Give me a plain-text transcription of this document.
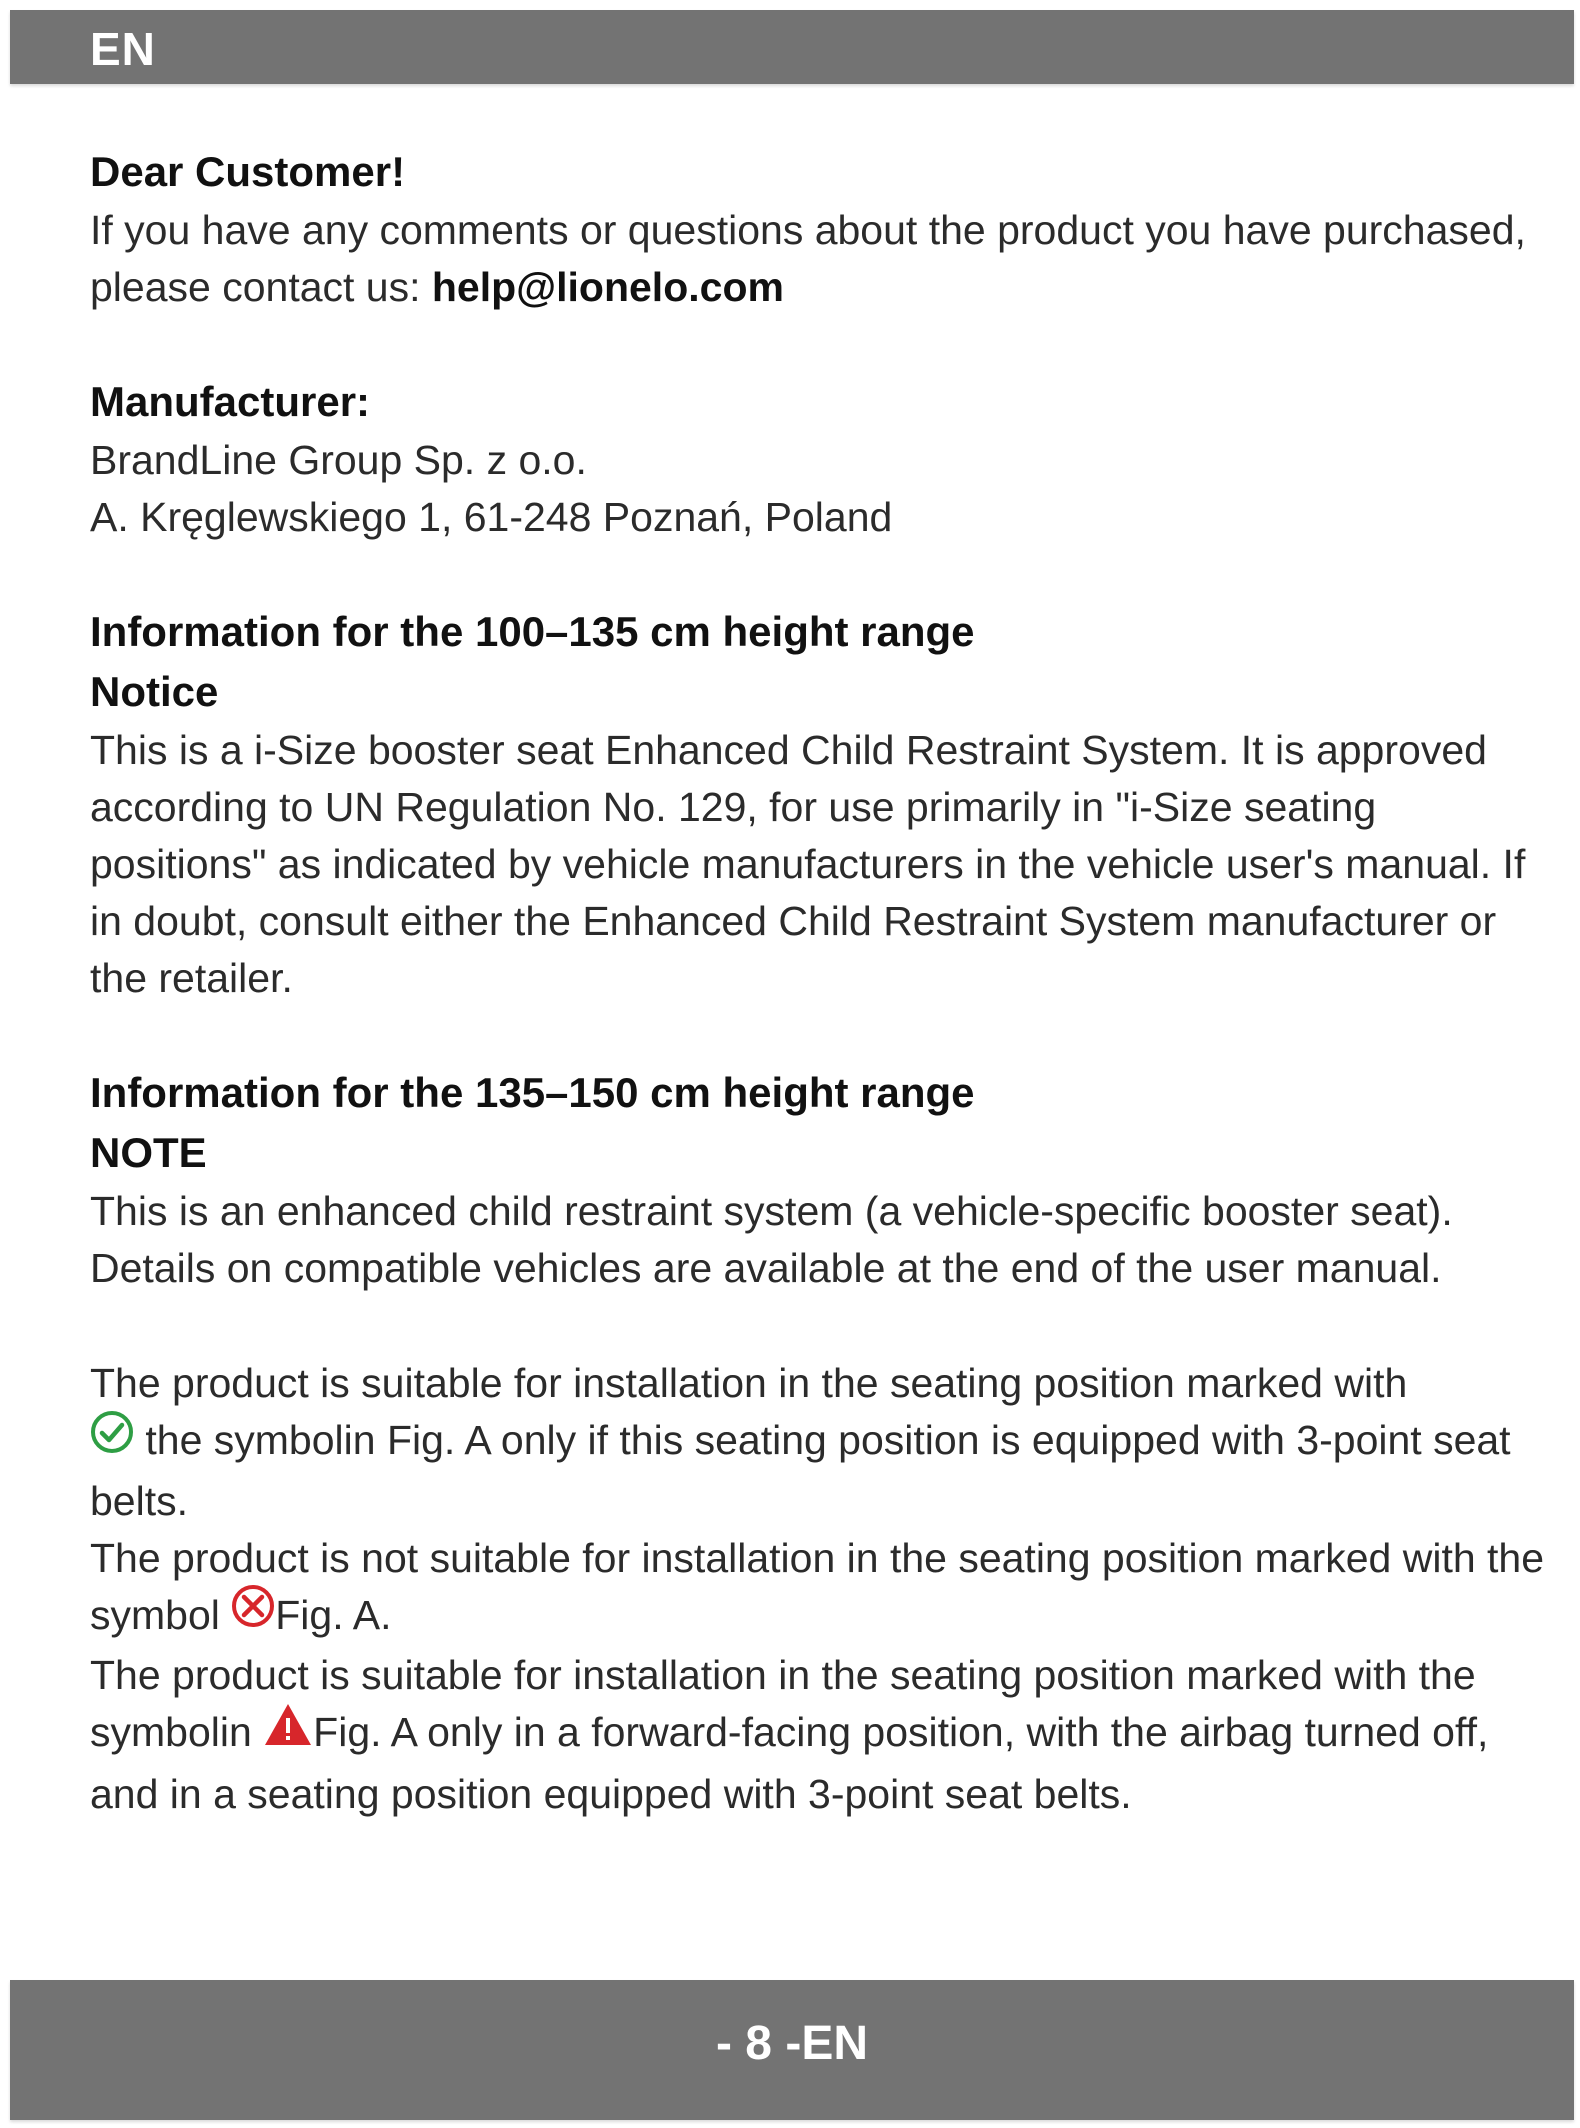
EN

Dear Customer!

If you have any comments or questions about the product you have purchased, please contact us: help@lionelo.com

Manufacturer:

BrandLine Group Sp. z o.o.

A. Kręglewskiego 1, 61-248 Poznań, Poland

Information for the 100–135 cm height range

Notice

This is a i-Size booster seat Enhanced Child Restraint System. It is approved according to UN Regulation No. 129, for use primarily in "i-Size seating positions" as indicated by vehicle manufacturers in the vehicle user's manual. If in doubt, consult either the Enhanced Child Restraint System manufacturer or the retailer.

Information for the 135–150 cm height range

NOTE

This is an enhanced child restraint system (a vehicle-specific booster seat). Details on compatible vehicles are available at the end of the user manual.

The product is suitable for installation in the seating position marked with
the symbolin Fig. A only if this seating position is equipped with 3-point seat belts.

The product is not suitable for installation in the seating position marked with the symbol Fig. A.

The product is suitable for installation in the seating position marked with the symbolin Fig. A only in a forward-facing position, with the airbag turned off, and in a seating position equipped with 3-point seat belts.

- 8 -EN
